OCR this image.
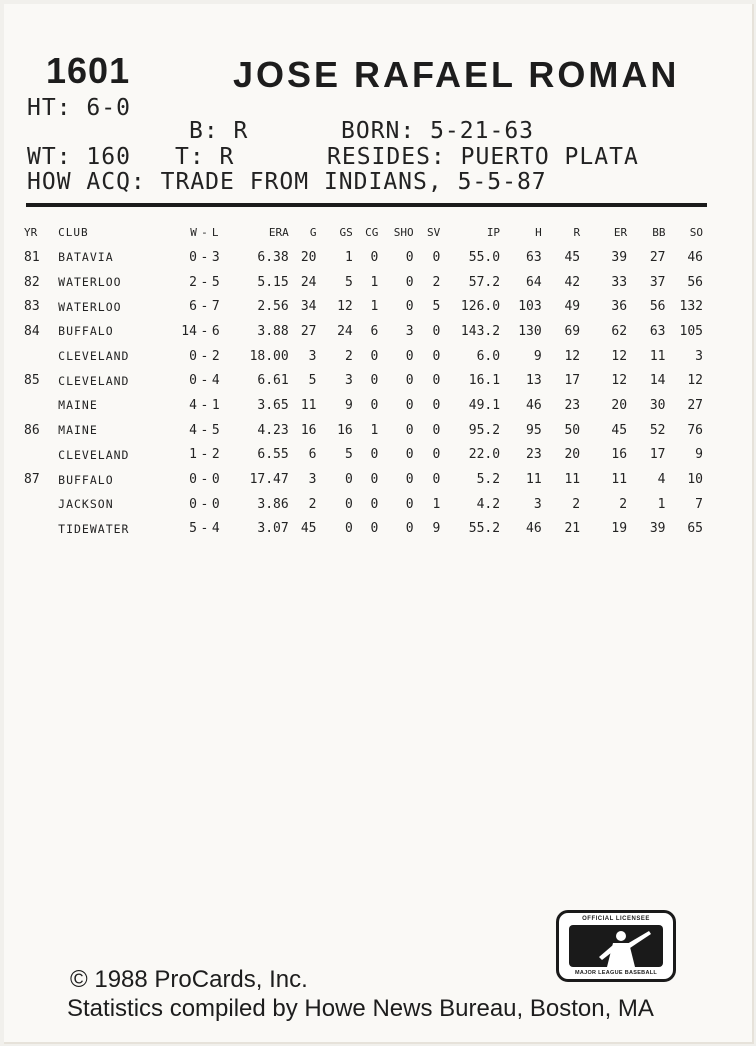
1601	JOSE RAFAEL ROMAN
HT: 6-0
B: R	BORN: 5-21-63
WT: 160 T: R	RESIDES: PUERTO PLATA
HOW ACQ: TRADE FROM INDIANS, 5-5-87
YR	CLUB	W	-	L	ERA	G	GS	CG	SHO	SV	IP	H	R	ER	BB	SO
81	BATAVIA	0	-	3	6.38	20	1	0	0	0	55.0	63	45	39	27	46
82	WATERLOO	2	-	5	5.15	24	5	1	0	2	57.2	64	42	33	37	56
83	WATERLOO	6	-	7	2.56	34	12	1	0	5	126.0	103	49	36	56	132
84	BUFFALO	14	-	6	3.88	27	24	6	3	0	143.2	130	69	62	63	105
	CLEVELAND	0	-	2	18.00	3	2	0	0	0	6.0	9	12	12	11	3
85	CLEVELAND	0	-	4	6.61	5	3	0	0	0	16.1	13	17	12	14	12
	MAINE	4	-	1	3.65	11	9	0	0	0	49.1	46	23	20	30	27
86	MAINE	4	-	5	4.23	16	16	1	0	0	95.2	95	50	45	52	76
	CLEVELAND	1	-	2	6.55	6	5	0	0	0	22.0	23	20	16	17	9
87	BUFFALO	0	-	0	17.47	3	0	0	0	0	5.2	11	11	11	4	10
	JACKSON	0	-	0	3.86	2	0	0	0	1	4.2	3	2	2	1	7
	TIDEWATER	5	-	4	3.07	45	0	0	0	9	55.2	46	21	19	39	65
© 1988 ProCards, Inc.
Statistics compiled by Howe News Bureau, Boston, MA
OFFICIAL LICENSEE
MAJOR LEAGUE BASEBALL
